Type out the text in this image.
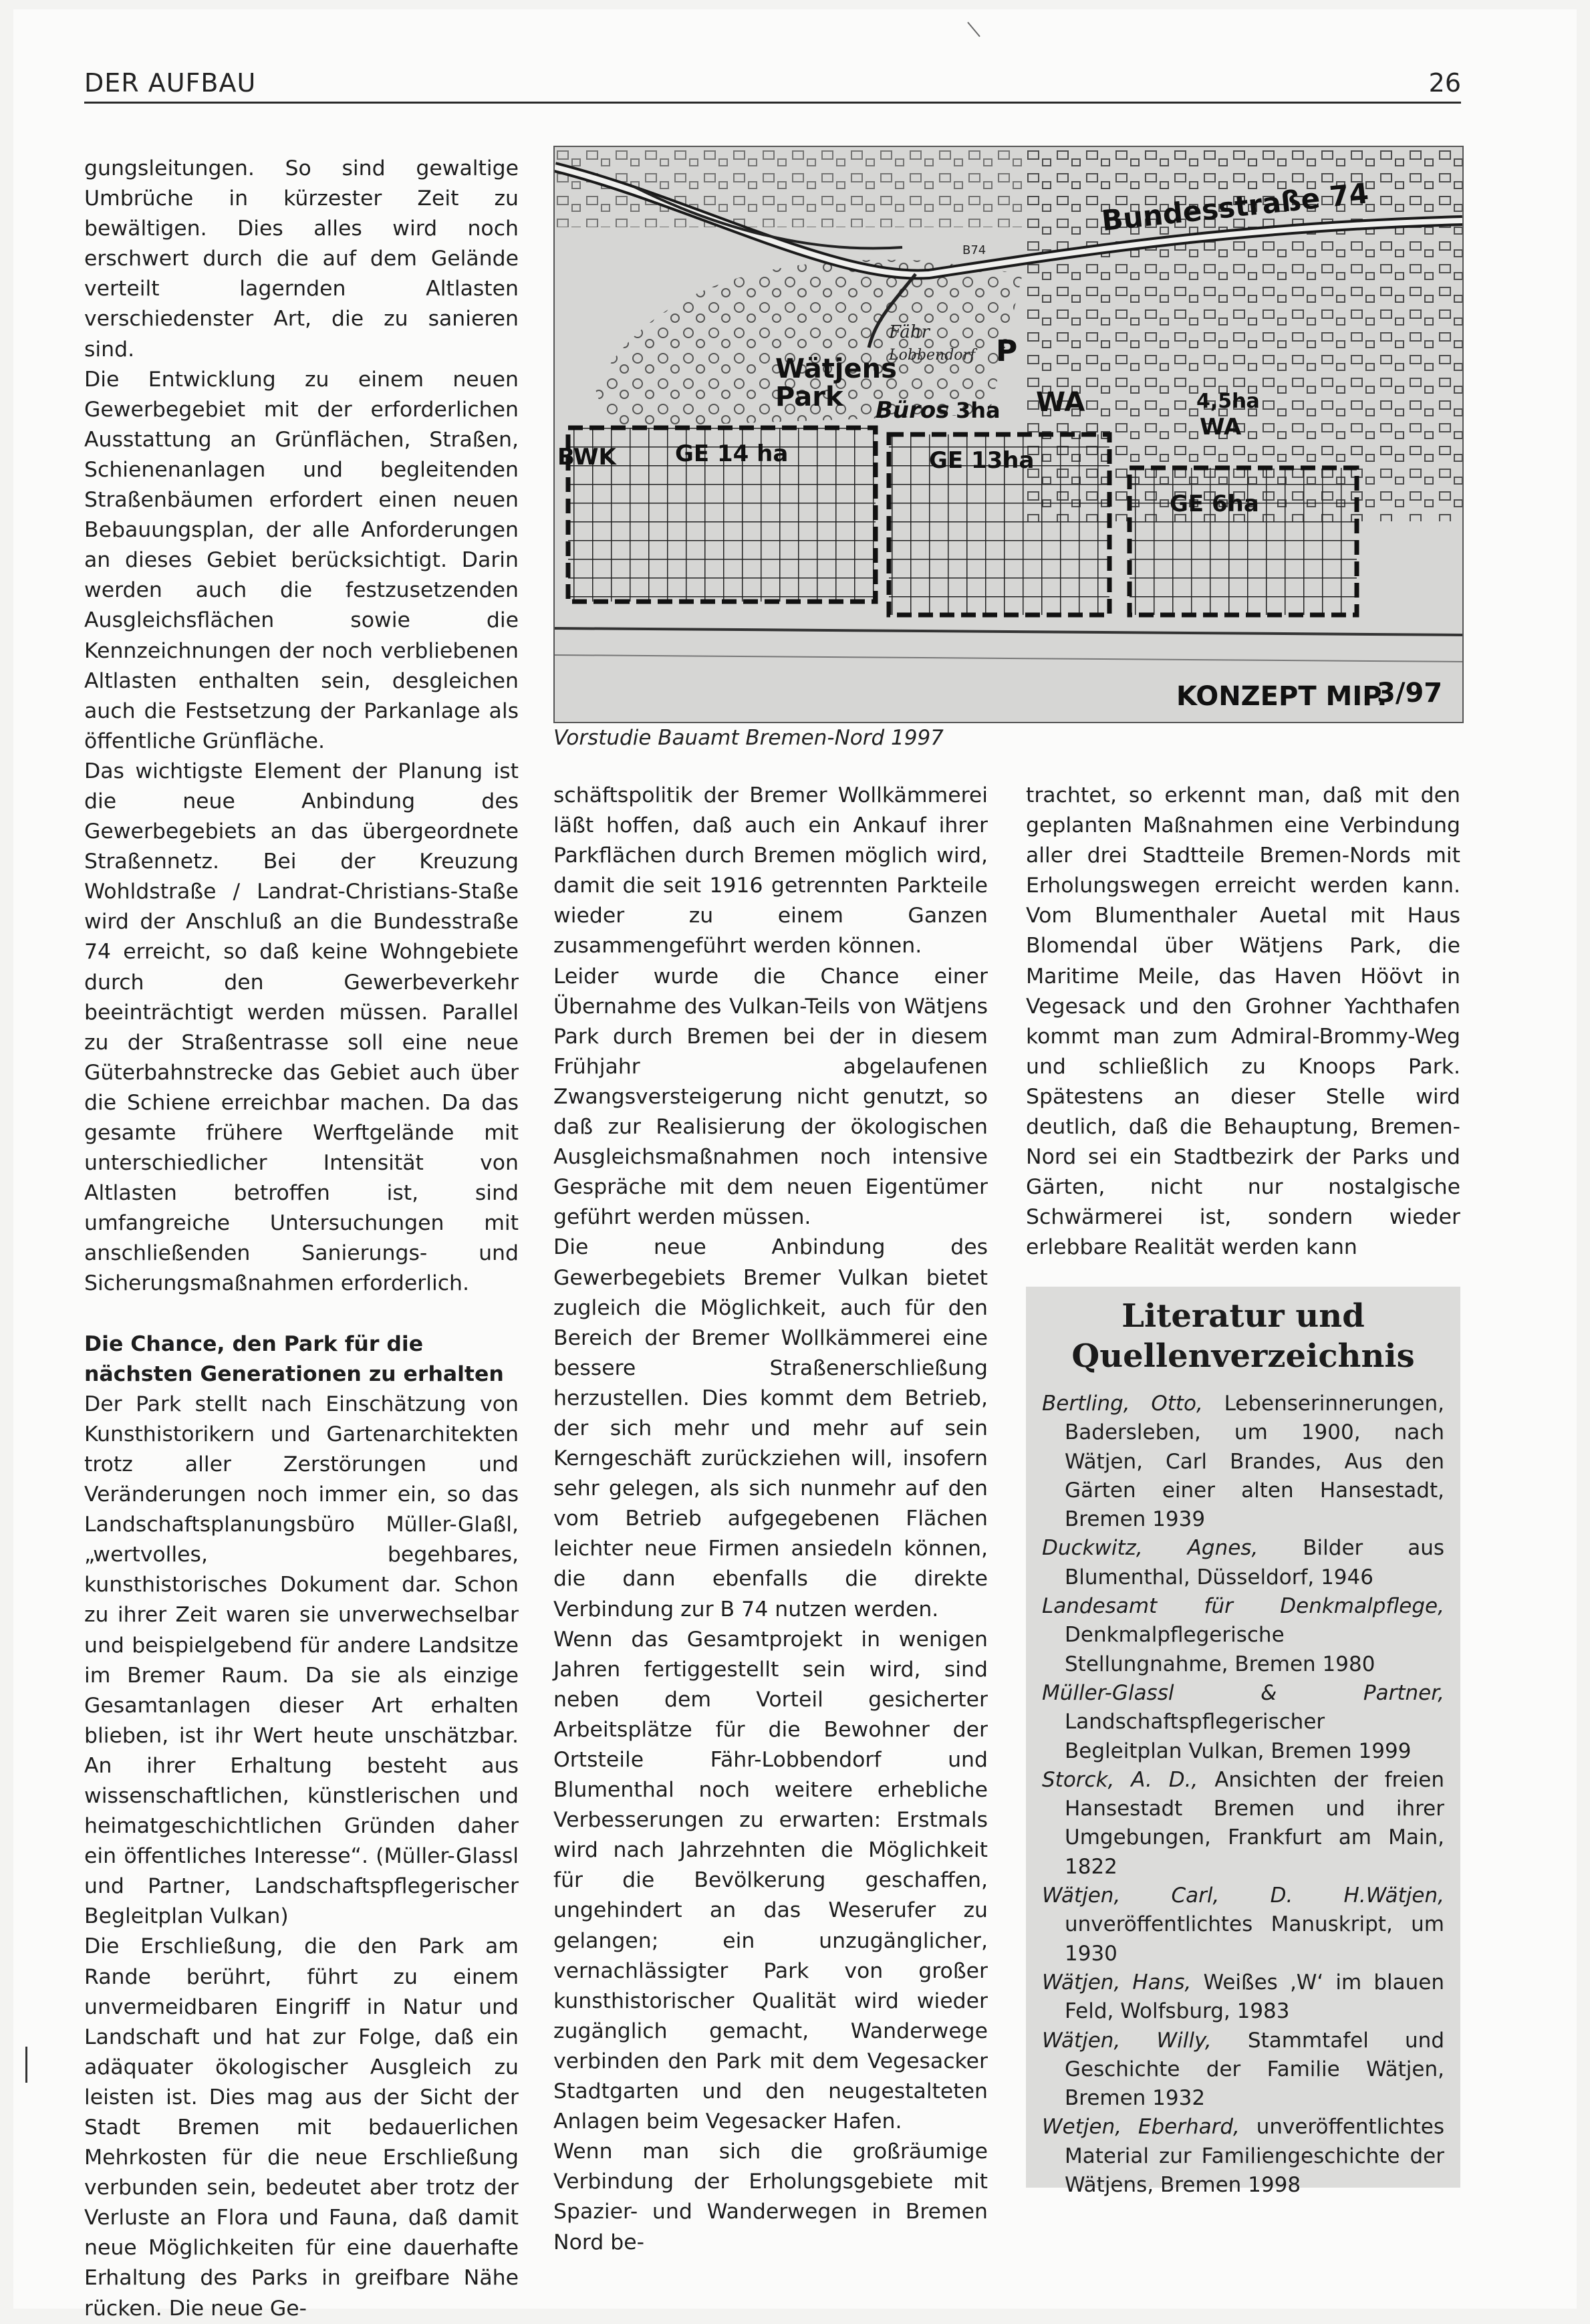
DER AUFBAU	26

gungsleitungen. So sind gewaltige Umbrüche in kürzester Zeit zu bewältigen. Dies alles wird noch erschwert durch die auf dem Gelände verteilt lagernden Altlasten verschiedenster Art, die zu sanieren sind.

Die Entwicklung zu einem neuen Gewerbegebiet mit der erforderlichen Ausstattung an Grünflächen, Straßen, Schienenanlagen und begleitenden Straßenbäumen erfordert einen neuen Bebauungsplan, der alle Anforderungen an dieses Gebiet berücksichtigt. Darin werden auch die festzusetzenden Ausgleichsflächen sowie die Kennzeichnungen der noch verbliebenen Altlasten enthalten sein, desgleichen auch die Festsetzung der Parkanlage als öffentliche Grünfläche.

Das wichtigste Element der Planung ist die neue Anbindung des Gewerbegebiets an das übergeordnete Straßennetz. Bei der Kreuzung Wohldstraße / Landrat-Christians-Staße wird der Anschluß an die Bundesstraße 74 erreicht, so daß keine Wohngebiete durch den Gewerbeverkehr beeinträchtigt werden müssen. Parallel zu der Straßentrasse soll eine neue Güterbahnstrecke das Gebiet auch über die Schiene erreichbar machen. Da das gesamte frühere Werftgelände mit unterschiedlicher Intensität von Altlasten betroffen ist, sind umfangreiche Untersuchungen mit anschließenden Sanierungs- und Sicherungsmaßnahmen erforderlich.

Die Chance, den Park für die
nächsten Generationen zu erhalten

Der Park stellt nach Einschätzung von Kunsthistorikern und Gartenarchitekten trotz aller Zerstörungen und Veränderungen noch immer ein, so das Landschaftsplanungsbüro Müller-Glaßl, „wertvolles, begehbares, kunsthistorisches Dokument dar. Schon zu ihrer Zeit waren sie unverwechselbar und beispielgebend für andere Landsitze im Bremer Raum. Da sie als einzige Gesamtanlagen dieser Art erhalten blieben, ist ihr Wert heute unschätzbar. An ihrer Erhaltung besteht aus wissenschaftlichen, künstlerischen und heimatgeschichtlichen Gründen daher ein öffentliches Interesse“. (Müller-Glassl und Partner, Landschaftspflegerischer Begleitplan Vulkan)

Die Erschließung, die den Park am Rande berührt, führt zu einem unvermeidbaren Eingriff in Natur und Landschaft und hat zur Folge, daß ein adäquater ökologischer Ausgleich zu leisten ist. Dies mag aus der Sicht der Stadt Bremen mit bedauerlichen Mehrkosten für die neue Erschließung verbunden sein, bedeutet aber trotz der Verluste an Flora und Fauna, daß damit neue Möglichkeiten für eine dauerhafte Erhaltung des Parks in greifbare Nähe rücken. Die neue Ge-

Bundesstraße 74
B74
Fähr
Lobbendorf P
Wätjens Park	Büros 3ha WA	4,5ha
WA
BWK	GE 14 ha	GE 13ha
GE 6ha
KONZEPT MIP.
3/97
Vorstudie Bauamt Bremen-Nord 1997

schäftspolitik der Bremer Wollkämmerei läßt hoffen, daß auch ein Ankauf ihrer Parkflächen durch Bremen möglich wird, damit die seit 1916 getrennten Parkteile wieder zu einem Ganzen zusammengeführt werden können.

Leider wurde die Chance einer Übernahme des Vulkan-Teils von Wätjens Park durch Bremen bei der in diesem Frühjahr abgelaufenen Zwangsversteigerung nicht genutzt, so daß zur Realisierung der ökologischen Ausgleichsmaßnahmen noch intensive Gespräche mit dem neuen Eigentümer geführt werden müssen.

Die neue Anbindung des Gewerbegebiets Bremer Vulkan bietet zugleich die Möglichkeit, auch für den Bereich der Bremer Wollkämmerei eine bessere Straßenerschließung herzustellen. Dies kommt dem Betrieb, der sich mehr und mehr auf sein Kerngeschäft zurückziehen will, insofern sehr gelegen, als sich nunmehr auf den vom Betrieb aufgegebenen Flächen leichter neue Firmen ansiedeln können, die dann ebenfalls die direkte Verbindung zur B 74 nutzen werden.

Wenn das Gesamtprojekt in wenigen Jahren fertiggestellt sein wird, sind neben dem Vorteil gesicherter Arbeitsplätze für die Bewohner der Ortsteile Fähr-Lobbendorf und Blumenthal noch weitere erhebliche Verbesserungen zu erwarten: Erstmals wird nach Jahrzehnten die Möglichkeit für die Bevölkerung geschaffen, ungehindert an das Weserufer zu gelangen; ein unzugänglicher, vernachlässigter Park von großer kunsthistorischer Qualität wird wieder zugänglich gemacht, Wanderwege verbinden den Park mit dem Vegesacker Stadtgarten und den neugestalteten Anlagen beim Vegesacker Hafen.

Wenn man sich die großräumige Verbindung der Erholungsgebiete mit Spazier- und Wanderwegen in Bremen Nord be-

trachtet, so erkennt man, daß mit den geplanten Maßnahmen eine Verbindung aller drei Stadtteile Bremen-Nords mit Erholungswegen erreicht werden kann. Vom Blumenthaler Auetal mit Haus Blomendal über Wätjens Park, die Maritime Meile, das Haven Höövt in Vegesack und den Grohner Yachthafen kommt man zum Admiral-Brommy-Weg und schließlich zu Knoops Park. Spätestens an dieser Stelle wird deutlich, daß die Behauptung, Bremen-Nord sei ein Stadtbezirk der Parks und Gärten, nicht nur nostalgische Schwärmerei ist, sondern wieder erlebbare Realität werden kann

Literatur und
Quellenverzeichnis
Bertling, Otto, Lebenserinnerungen, Badersleben, um 1900, nach Wätjen, Carl Brandes, Aus den Gärten einer alten Hansestadt, Bremen 1939
Duckwitz, Agnes, Bilder aus Blumenthal, Düsseldorf, 1946
Landesamt für Denkmalpflege, Denkmalpflegerische Stellungnahme, Bremen 1980
Müller-Glassl & Partner, Landschaftspflegerischer Begleitplan Vulkan, Bremen 1999
Storck, A. D., Ansichten der freien Hansestadt Bremen und ihrer Umgebungen, Frankfurt am Main, 1822
Wätjen, Carl, D. H.Wätjen, unveröffentlichtes Manuskript, um 1930
Wätjen, Hans, Weißes ‚W‘ im blauen Feld, Wolfsburg, 1983
Wätjen, Willy, Stammtafel und Geschichte der Familie Wätjen, Bremen 1932
Wetjen, Eberhard, unveröffentlichtes Material zur Familiengeschichte der Wätjens, Bremen 1998
